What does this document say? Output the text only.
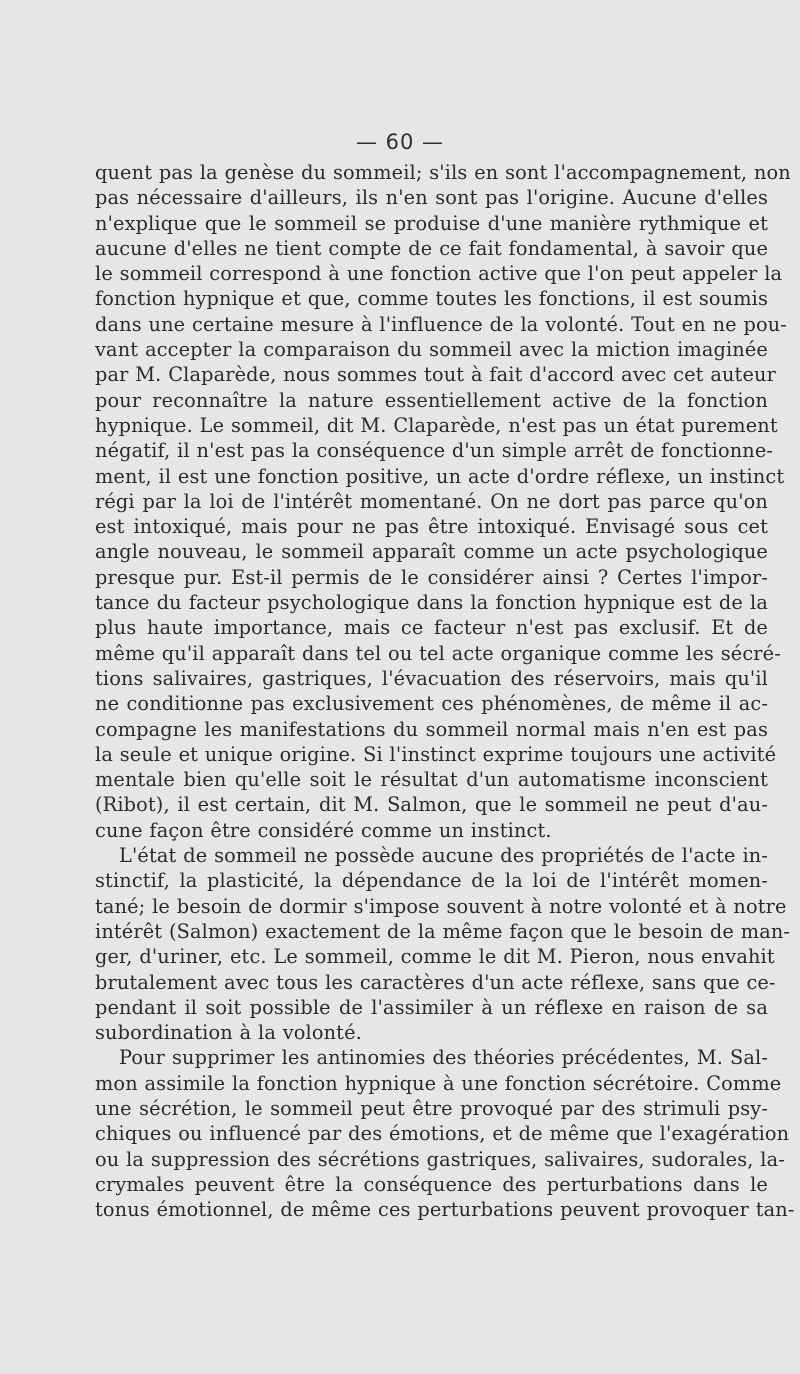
— 60 —

quent pas la genèse du sommeil; s'ils en sont l'accompagnement, non

pas nécessaire d'ailleurs, ils n'en sont pas l'origine. Aucune d'elles

n'explique que le sommeil se produise d'une manière rythmique et

aucune d'elles ne tient compte de ce fait fondamental, à savoir que

le sommeil correspond à une fonction active que l'on peut appeler la

fonction hypnique et que, comme toutes les fonctions, il est soumis

dans une certaine mesure à l'influence de la volonté. Tout en ne pou-

vant accepter la comparaison du sommeil avec la miction imaginée

par M. Claparède, nous sommes tout à fait d'accord avec cet auteur

pour reconnaître la nature essentiellement active de la fonction

hypnique. Le sommeil, dit M. Claparède, n'est pas un état purement

négatif, il n'est pas la conséquence d'un simple arrêt de fonctionne-

ment, il est une fonction positive, un acte d'ordre réflexe, un instinct

régi par la loi de l'intérêt momentané. On ne dort pas parce qu'on

est intoxiqué, mais pour ne pas être intoxiqué. Envisagé sous cet

angle nouveau, le sommeil apparaît comme un acte psychologique

presque pur. Est-il permis de le considérer ainsi ? Certes l'impor-

tance du facteur psychologique dans la fonction hypnique est de la

plus haute importance, mais ce facteur n'est pas exclusif. Et de

même qu'il apparaît dans tel ou tel acte organique comme les sécré-

tions salivaires, gastriques, l'évacuation des réservoirs, mais qu'il

ne conditionne pas exclusivement ces phénomènes, de même il ac-

compagne les manifestations du sommeil normal mais n'en est pas

la seule et unique origine. Si l'instinct exprime toujours une activité

mentale bien qu'elle soit le résultat d'un automatisme inconscient

(Ribot), il est certain, dit M. Salmon, que le sommeil ne peut d'au-

cune façon être considéré comme un instinct.

L'état de sommeil ne possède aucune des propriétés de l'acte in-

stinctif, la plasticité, la dépendance de la loi de l'intérêt momen-

tané; le besoin de dormir s'impose souvent à notre volonté et à notre

intérêt (Salmon) exactement de la même façon que le besoin de man-

ger, d'uriner, etc. Le sommeil, comme le dit M. Pieron, nous envahit

brutalement avec tous les caractères d'un acte réflexe, sans que ce-

pendant il soit possible de l'assimiler à un réflexe en raison de sa

subordination à la volonté.

Pour supprimer les antinomies des théories précédentes, M. Sal-

mon assimile la fonction hypnique à une fonction sécrétoire. Comme

une sécrétion, le sommeil peut être provoqué par des strimuli psy-

chiques ou influencé par des émotions, et de même que l'exagération

ou la suppression des sécrétions gastriques, salivaires, sudorales, la-

crymales peuvent être la conséquence des perturbations dans le

tonus émotionnel, de même ces perturbations peuvent provoquer tan-
